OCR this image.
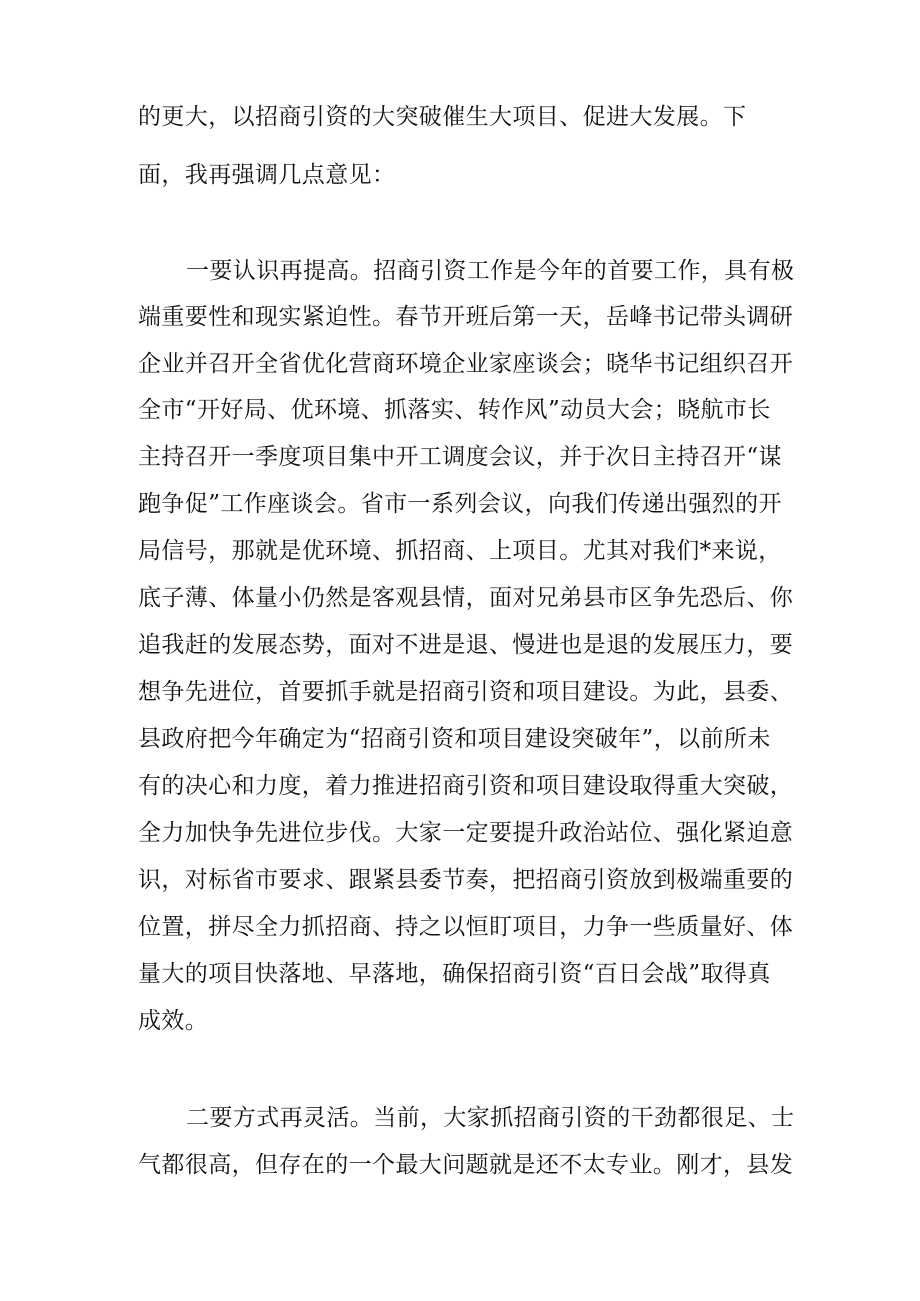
的更大，以招商引资的大突破催生大项目、促进大发展。下
面，我再强调几点意见：
一要认识再提高。招商引资工作是今年的首要工作，具有极
端重要性和现实紧迫性。春节开班后第一天，岳峰书记带头调研
企业并召开全省优化营商环境企业家座谈会；晓华书记组织召开
全市“开好局、优环境、抓落实、转作风”动员大会；晓航市长
主持召开一季度项目集中开工调度会议，并于次日主持召开“谋
跑争促”工作座谈会。省市一系列会议，向我们传递出强烈的开
局信号，那就是优环境、抓招商、上项目。尤其对我们*来说，
底子薄、体量小仍然是客观县情，面对兄弟县市区争先恐后、你
追我赶的发展态势，面对不进是退、慢进也是退的发展压力，要
想争先进位，首要抓手就是招商引资和项目建设。为此，县委、
县政府把今年确定为“招商引资和项目建设突破年”，以前所未
有的决心和力度，着力推进招商引资和项目建设取得重大突破，
全力加快争先进位步伐。大家一定要提升政治站位、强化紧迫意
识，对标省市要求、跟紧县委节奏，把招商引资放到极端重要的
位置，拼尽全力抓招商、持之以恒盯项目，力争一些质量好、体
量大的项目快落地、早落地，确保招商引资“百日会战”取得真
成效。
二要方式再灵活。当前，大家抓招商引资的干劲都很足、士
气都很高，但存在的一个最大问题就是还不太专业。刚才，县发
